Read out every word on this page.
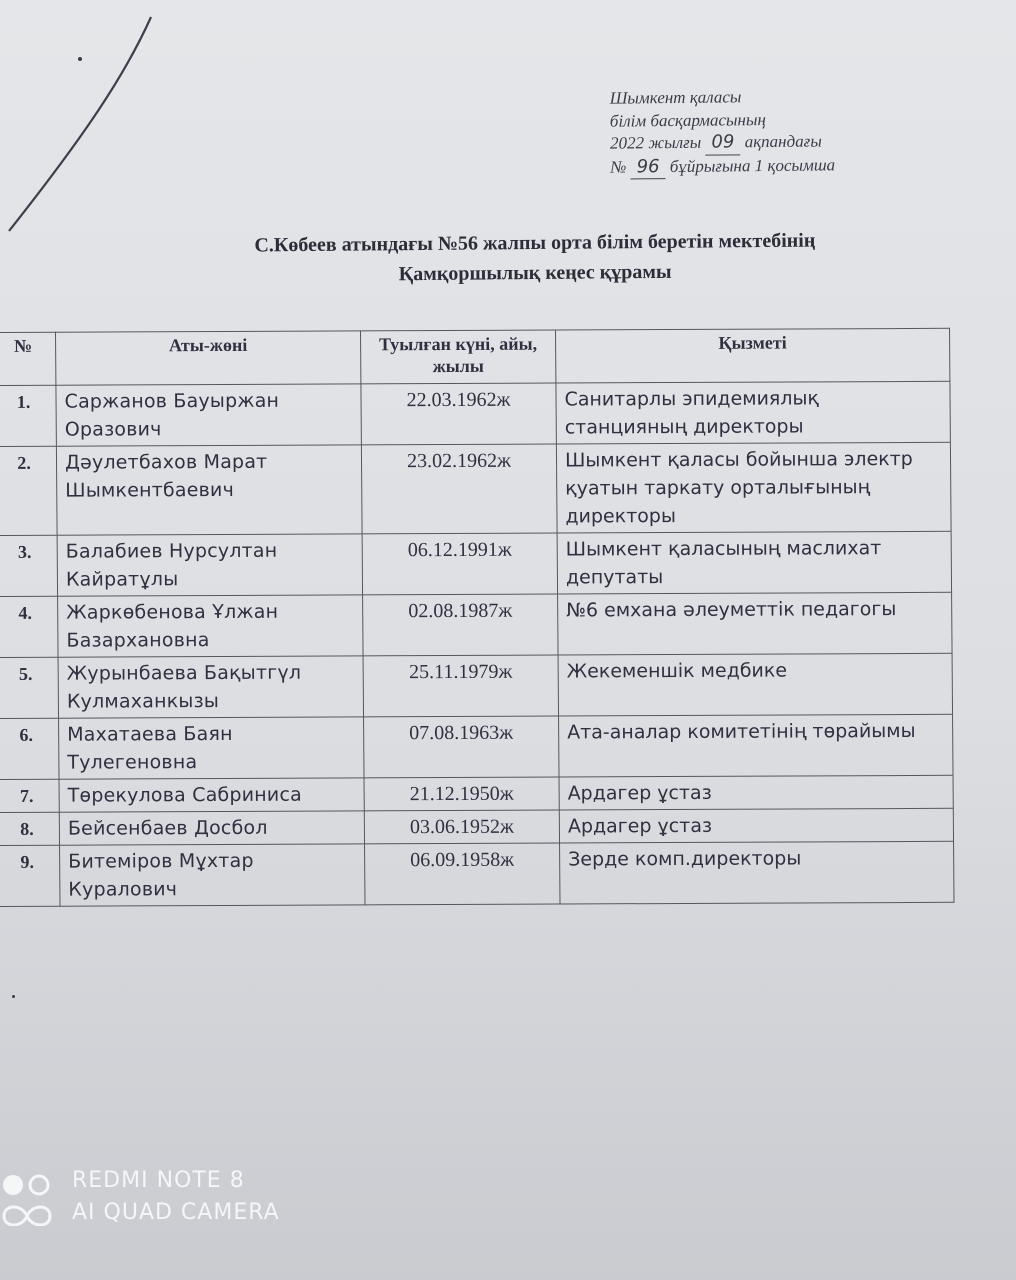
Шымкент қаласы
білім басқармасының
2022 жылғы 09 ақпандағы
№ 96 бұйрығына 1 қосымша
С.Көбеев атындағы №56 жалпы орта білім беретін мектебінің
Қамқоршылық кеңес құрамы
№	Аты-жөні	Туылған күні, айы, жылы	Қызметі
1.	Саржанов Бауыржан Оразович	22.03.1962ж	Санитарлы эпидемиялық станцияның директоры
2.	Дәулетбахов Марат Шымкентбаевич	23.02.1962ж	Шымкент қаласы бойынша электр қуатын таркату орталығының директоры
3.	Балабиев Нурсултан Кайратұлы	06.12.1991ж	Шымкент қаласының маслихат депутаты
4.	Жаркөбенова Ұлжан Базархановна	02.08.1987ж	№6 емхана әлеуметтік педагогы
5.	Журынбаева Бақытгүл Кулмаханкызы	25.11.1979ж	Жекеменшік медбике
6.	Махатаева Баян Тулегеновна	07.08.1963ж	Ата-аналар комитетінің төрайымы
7.	Төрекулова Сабринисa	21.12.1950ж	Ардагер ұстаз
8.	Бейсенбаев Досбол	03.06.1952ж	Ардагер ұстаз
9.	Битеміров Мұхтар Куралович	06.09.1958ж	Зерде комп.директоры
REDMI NOTE 8
AI QUAD CAMERA
